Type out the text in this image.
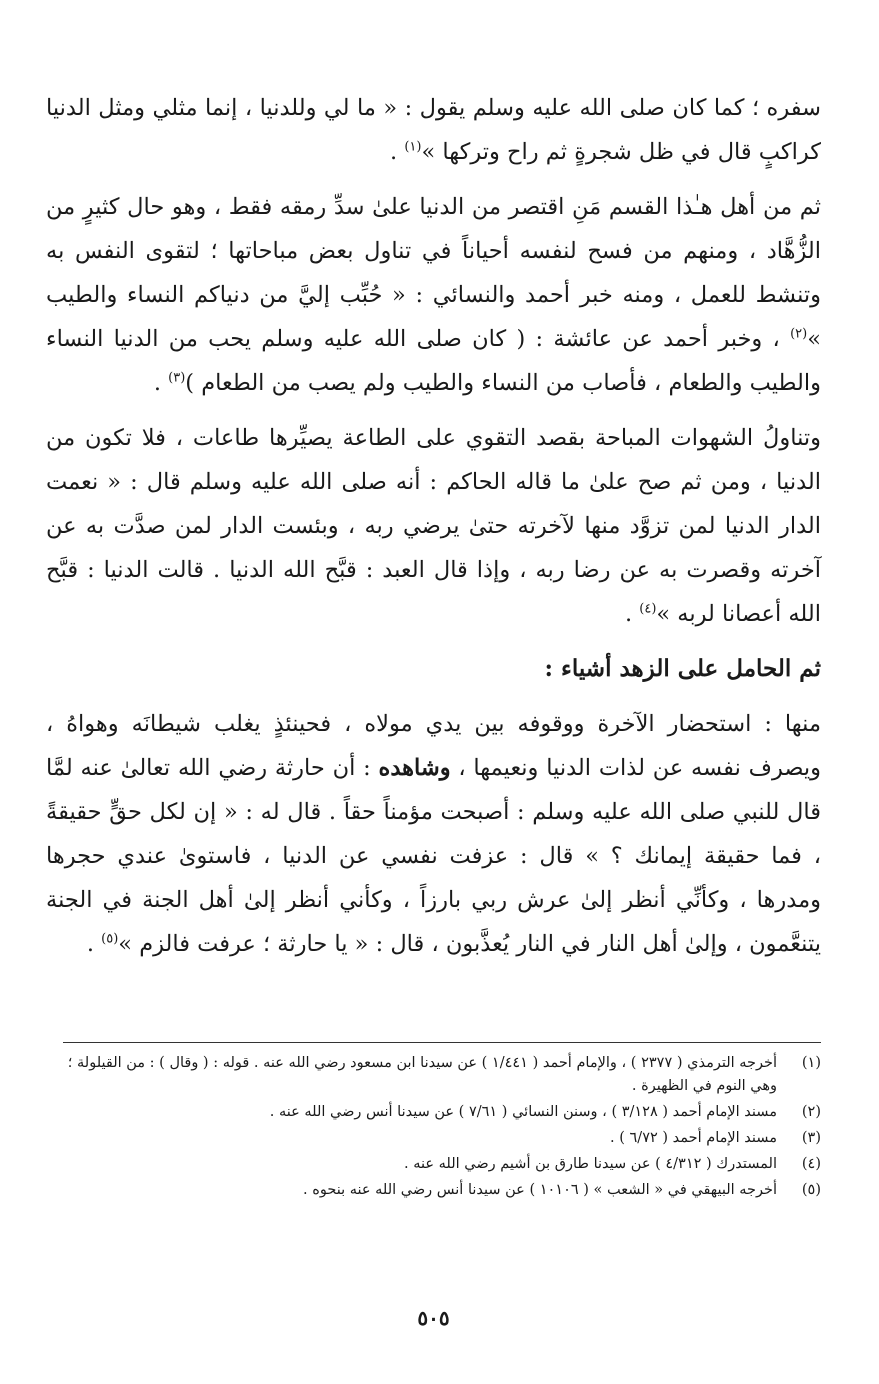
سفره ؛ كما كان صلى الله عليه وسلم يقول : « ما لي وللدنيا ، إنما مثلي ومثل الدنيا كراكبٍ قال في ظل شجرةٍ ثم راح وتركها »$^{(١)}$ .

ثم من أهل هـٰذا القسم مَنِ اقتصر من الدنيا علىٰ سدِّ رمقه فقط ، وهو حال كثيرٍ من الزُّهَّاد ، ومنهم من فسح لنفسه أحياناً في تناول بعض مباحاتها ؛ لتقوى النفس به وتنشط للعمل ، ومنه خبر أحمد والنسائي : « حُبِّب إليَّ من دنياكم النساء والطيب »$^{(٢)}$ ، وخبر أحمد عن عائشة : ( كان صلى الله عليه وسلم يحب من الدنيا النساء والطيب والطعام ، فأصاب من النساء والطيب ولم يصب من الطعام )$^{(٣)}$ .

وتناولُ الشهوات المباحة بقصد التقوي على الطاعة يصيِّرها طاعات ، فلا تكون من الدنيا ، ومن ثم صح علىٰ ما قاله الحاكم : أنه صلى الله عليه وسلم قال : « نعمت الدار الدنيا لمن تزوَّد منها لآخرته حتىٰ يرضي ربه ، وبئست الدار لمن صدَّت به عن آخرته وقصرت به عن رضا ربه ، وإذا قال العبد : قبَّح الله الدنيا . قالت الدنيا : قبَّح الله أعصانا لربه »$^{(٤)}$ .

ثم الحامل على الزهد أشياء :

منها : استحضار الآخرة ووقوفه بين يدي مولاه ، فحينئذٍ يغلب شيطانَه وهواهُ ، ويصرف نفسه عن لذات الدنيا ونعيمها ، وشاهده : أن حارثة رضي الله تعالىٰ عنه لمَّا قال للنبي صلى الله عليه وسلم : أصبحت مؤمناً حقاً . قال له : « إن لكل حقٍّ حقيقةً ، فما حقيقة إيمانك ؟ » قال : عزفت نفسي عن الدنيا ، فاستوىٰ عندي حجرها ومدرها ، وكأنِّي أنظر إلىٰ عرش ربي بارزاً ، وكأني أنظر إلىٰ أهل الجنة في الجنة يتنعَّمون ، وإلىٰ أهل النار في النار يُعذَّبون ، قال : « يا حارثة ؛ عرفت فالزم »$^{(٥)}$ .

(١)
أخرجه الترمذي ( ٢٣٧٧ ) ، والإمام أحمد ( ١/٤٤١ ) عن سيدنا ابن مسعود رضي الله عنه . قوله : ( وقال ) : من القيلولة ؛ وهي النوم في الظهيرة .
(٢)
مسند الإمام أحمد ( ٣/١٢٨ ) ، وسنن النسائي ( ٧/٦١ ) عن سيدنا أنس رضي الله عنه .
(٣)
مسند الإمام أحمد ( ٦/٧٢ ) .
(٤)
المستدرك ( ٤/٣١٢ ) عن سيدنا طارق بن أشيم رضي الله عنه .
(٥)
أخرجه البيهقي في « الشعب » ( ١٠١٠٦ ) عن سيدنا أنس رضي الله عنه بنحوه .
٥٠٥
